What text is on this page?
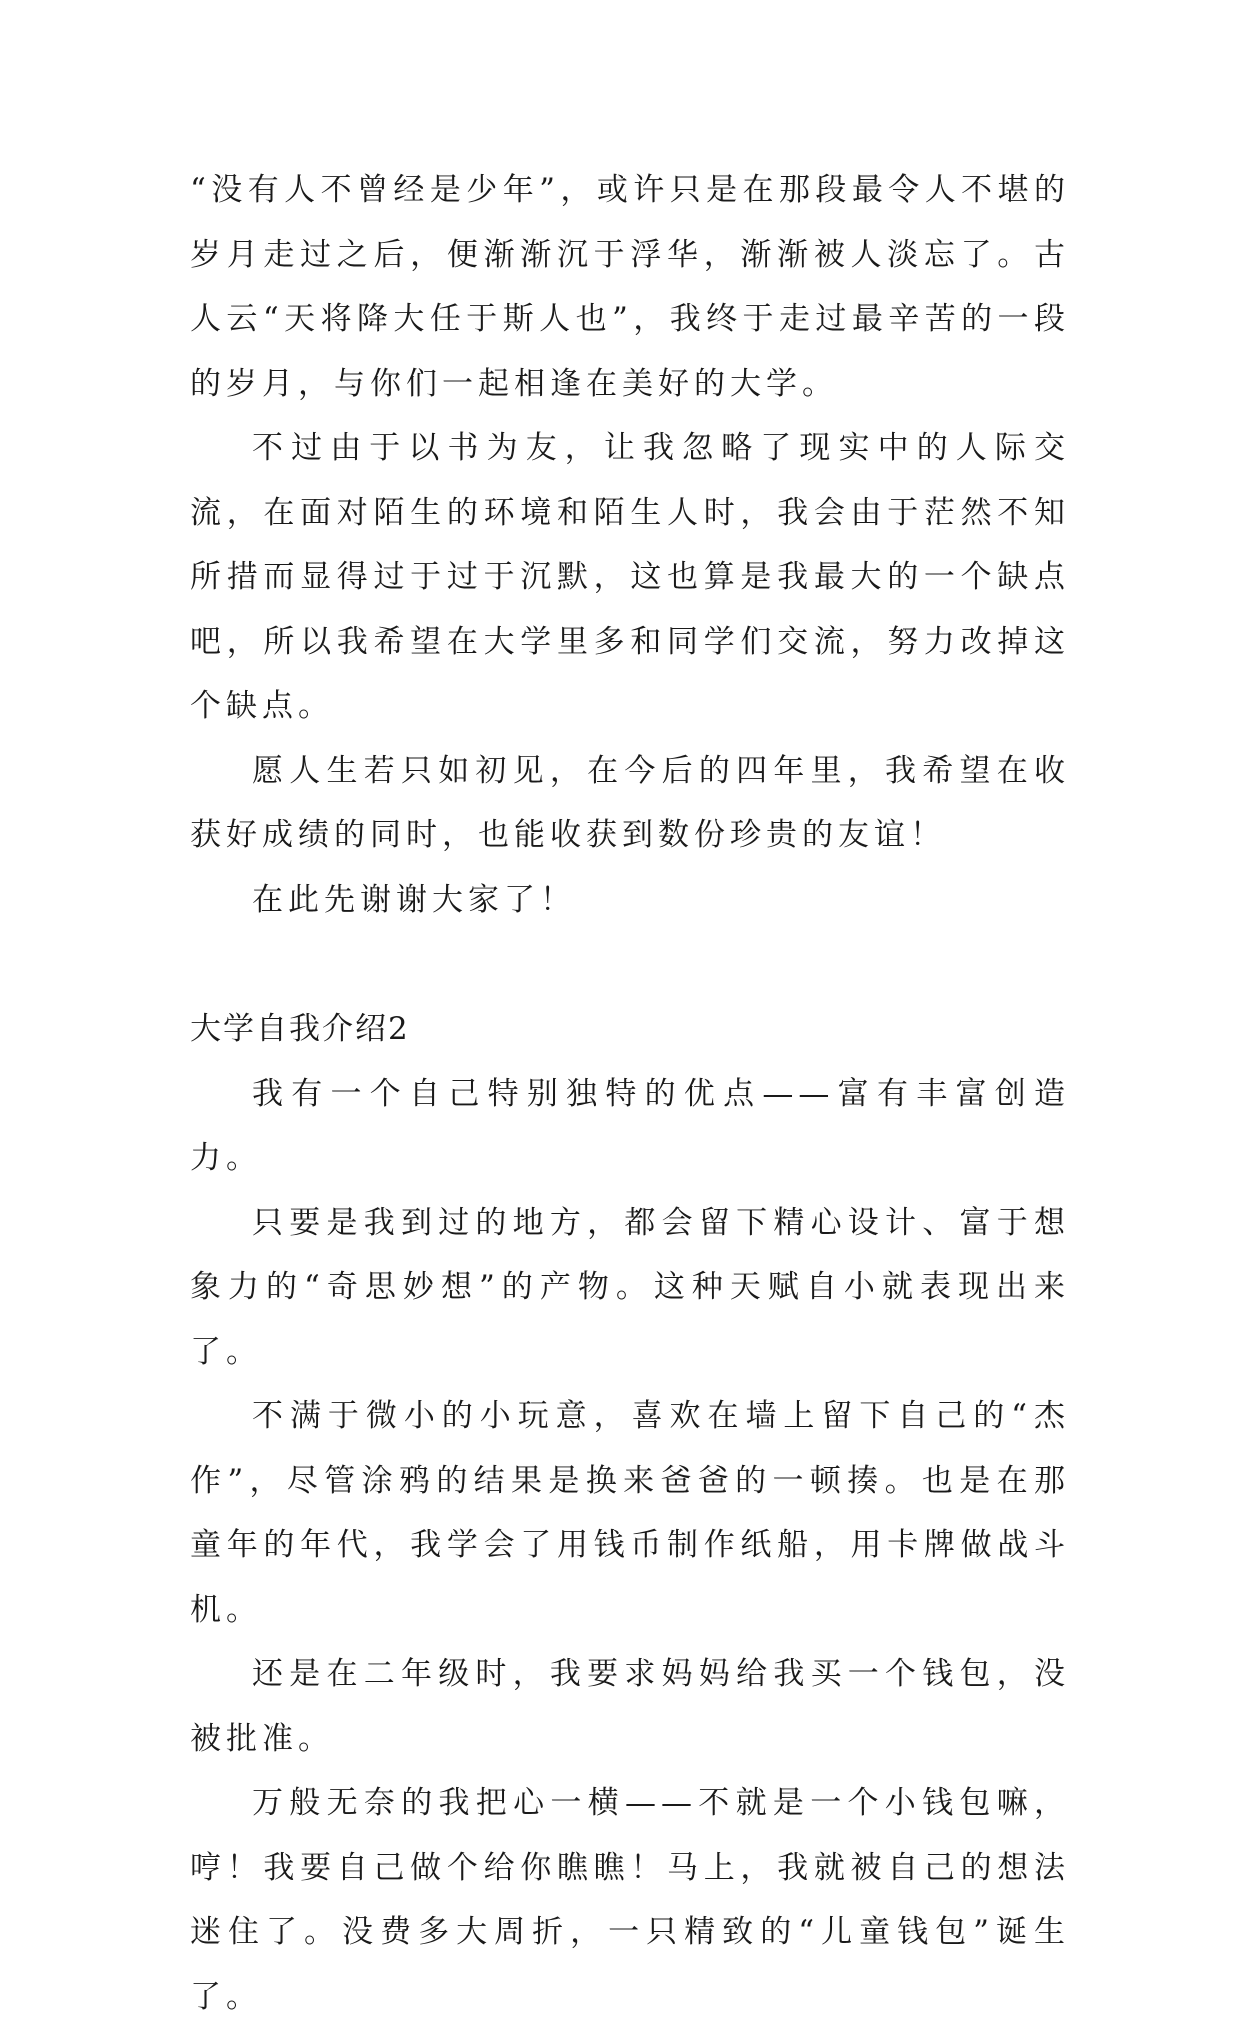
“没有人不曾经是少年”，或许只是在那段最令人不堪的岁月走过之后，便渐渐沉于浮华，渐渐被人淡忘了。古人云“天将降大任于斯人也”，我终于走过最辛苦的一段的岁月，与你们一起相逢在美好的大学。

不过由于以书为友，让我忽略了现实中的人际交流，在面对陌生的环境和陌生人时，我会由于茫然不知所措而显得过于过于沉默，这也算是我最大的一个缺点吧，所以我希望在大学里多和同学们交流，努力改掉这个缺点。

愿人生若只如初见，在今后的四年里，我希望在收获好成绩的同时，也能收获到数份珍贵的友谊！

在此先谢谢大家了！

大学自我介绍2

我有一个自己特别独特的优点——富有丰富创造力。

只要是我到过的地方，都会留下精心设计、富于想象力的“奇思妙想”的产物。这种天赋自小就表现出来了。

不满于微小的小玩意，喜欢在墙上留下自己的“杰作”，尽管涂鸦的结果是换来爸爸的一顿揍。也是在那童年的年代，我学会了用钱币制作纸船，用卡牌做战斗机。

还是在二年级时，我要求妈妈给我买一个钱包，没被批准。

万般无奈的我把心一横——不就是一个小钱包嘛，哼！我要自己做个给你瞧瞧！马上，我就被自己的想法迷住了。没费多大周折，一只精致的“儿童钱包”诞生了。
